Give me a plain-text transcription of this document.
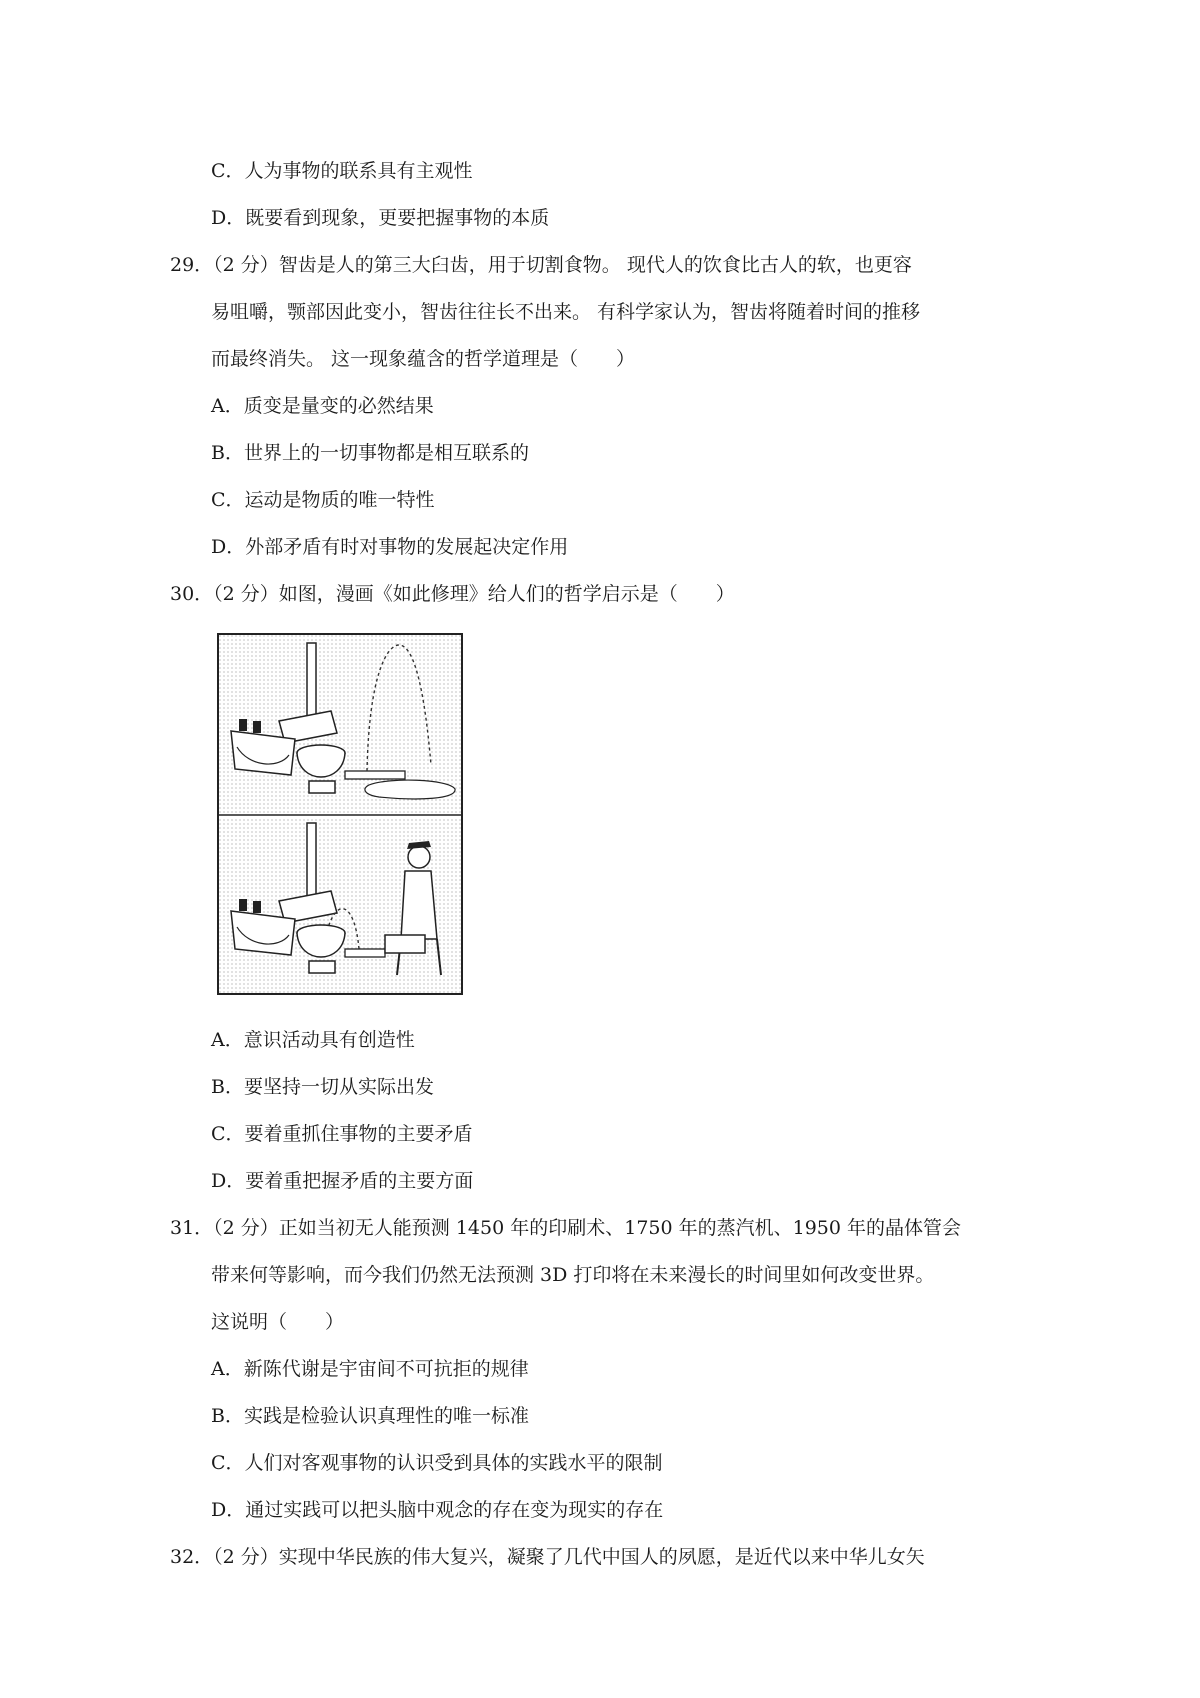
C．人为事物的联系具有主观性
D．既要看到现象，更要把握事物的本质
29．（2 分）智齿是人的第三大臼齿，用于切割食物。 现代人的饮食比古人的软，也更容
易咀嚼，颚部因此变小，智齿往往长不出来。 有科学家认为，智齿将随着时间的推移
而最终消失。 这一现象蕴含的哲学道理是（　　）
A．质变是量变的必然结果
B．世界上的一切事物都是相互联系的
C．运动是物质的唯一特性
D．外部矛盾有时对事物的发展起决定作用
30．（2 分）如图，漫画《如此修理》给人们的哲学启示是（　　）
A．意识活动具有创造性
B．要坚持一切从实际出发
C．要着重抓住事物的主要矛盾
D．要着重把握矛盾的主要方面
31．（2 分）正如当初无人能预测 1450 年的印刷术、1750 年的蒸汽机、1950 年的晶体管会
带来何等影响，而今我们仍然无法预测 3D 打印将在未来漫长的时间里如何改变世界。
这说明（　　）
A．新陈代谢是宇宙间不可抗拒的规律
B．实践是检验认识真理性的唯一标准
C．人们对客观事物的认识受到具体的实践水平的限制
D．通过实践可以把头脑中观念的存在变为现实的存在
32．（2 分）实现中华民族的伟大复兴，凝聚了几代中国人的夙愿，是近代以来中华儿女矢
